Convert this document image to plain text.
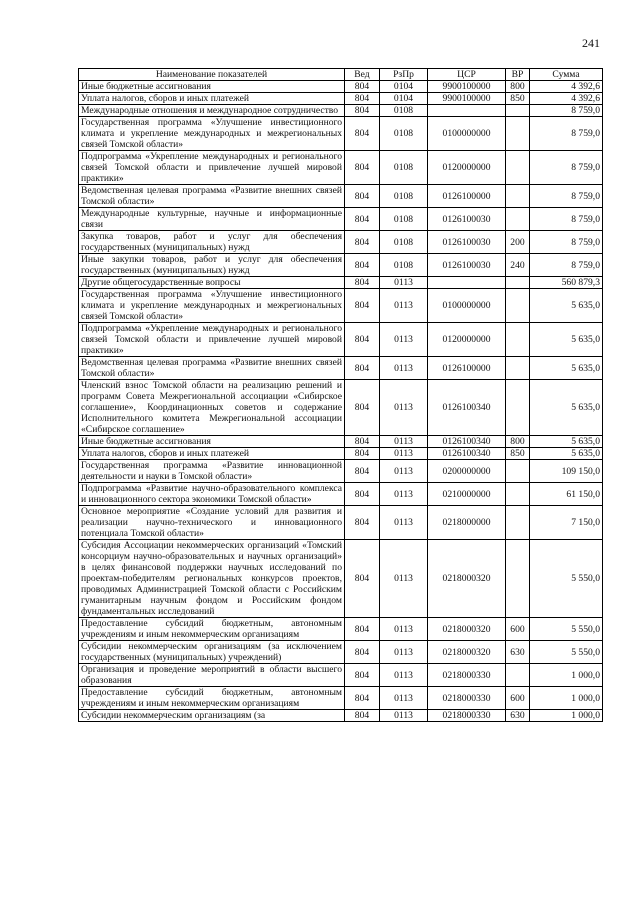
241
Наименование показателей	Вед	РзПр	ЦСР	ВР	Сумма
Иные бюджетные ассигнования	804	0104	9900100000	800	4 392,6
Уплата налогов, сборов и иных платежей	804	0104	9900100000	850	4 392,6
Международные отношения и международное сотрудничество	804	0108			8 759,0
Государственная программа «Улучшение инвестиционного климата и укрепление международных и межрегиональных связей Томской области»	804	0108	0100000000		8 759,0
Подпрограмма «Укрепление международных и регионального связей Томской области и привлечение лучшей мировой практики»	804	0108	0120000000		8 759,0
Ведомственная целевая программа «Развитие внешних связей Томской области»	804	0108	0126100000		8 759,0
Международные культурные, научные и информационные связи	804	0108	0126100030		8 759,0
Закупка товаров, работ и услуг для обеспечения государственных (муниципальных) нужд	804	0108	0126100030	200	8 759,0
Иные закупки товаров, работ и услуг для обеспечения государственных (муниципальных) нужд	804	0108	0126100030	240	8 759,0
Другие общегосударственные вопросы	804	0113			560 879,3
Государственная программа «Улучшение инвестиционного климата и укрепление международных и межрегиональных связей Томской области»	804	0113	0100000000		5 635,0
Подпрограмма «Укрепление международных и регионального связей Томской области и привлечение лучшей мировой практики»	804	0113	0120000000		5 635,0
Ведомственная целевая программа «Развитие внешних связей Томской области»	804	0113	0126100000		5 635,0
Членский взнос Томской области на реализацию решений и программ Совета Межрегиональной ассоциации «Сибирское соглашение», Координационных советов и содержание Исполнительного комитета Межрегиональной ассоциации «Сибирское соглашение»	804	0113	0126100340		5 635,0
Иные бюджетные ассигнования	804	0113	0126100340	800	5 635,0
Уплата налогов, сборов и иных платежей	804	0113	0126100340	850	5 635,0
Государственная программа «Развитие инновационной деятельности и науки в Томской области»	804	0113	0200000000		109 150,0
Подпрограмма «Развитие научно-образовательного комплекса и инновационного сектора экономики Томской области»	804	0113	0210000000		61 150,0
Основное мероприятие «Создание условий для развития и реализации научно-технического и инновационного потенциала Томской области»	804	0113	0218000000		7 150,0
Субсидия Ассоциации некоммерческих организаций «Томский консорциум научно-образовательных и научных организаций» в целях финансовой поддержки научных исследований по проектам-победителям региональных конкурсов проектов, проводимых Администрацией Томской области с Российским гуманитарным научным фондом и Российским фондом фундаментальных исследований	804	0113	0218000320		5 550,0
Предоставление субсидий бюджетным, автономным учреждениям и иным некоммерческим организациям	804	0113	0218000320	600	5 550,0
Субсидии некоммерческим организациям (за исключением государственных (муниципальных) учреждений)	804	0113	0218000320	630	5 550,0
Организация и проведение мероприятий в области высшего образования	804	0113	0218000330		1 000,0
Предоставление субсидий бюджетным, автономным учреждениям и иным некоммерческим организациям	804	0113	0218000330	600	1 000,0
Субсидии некоммерческим организациям (за	804	0113	0218000330	630	1 000,0
